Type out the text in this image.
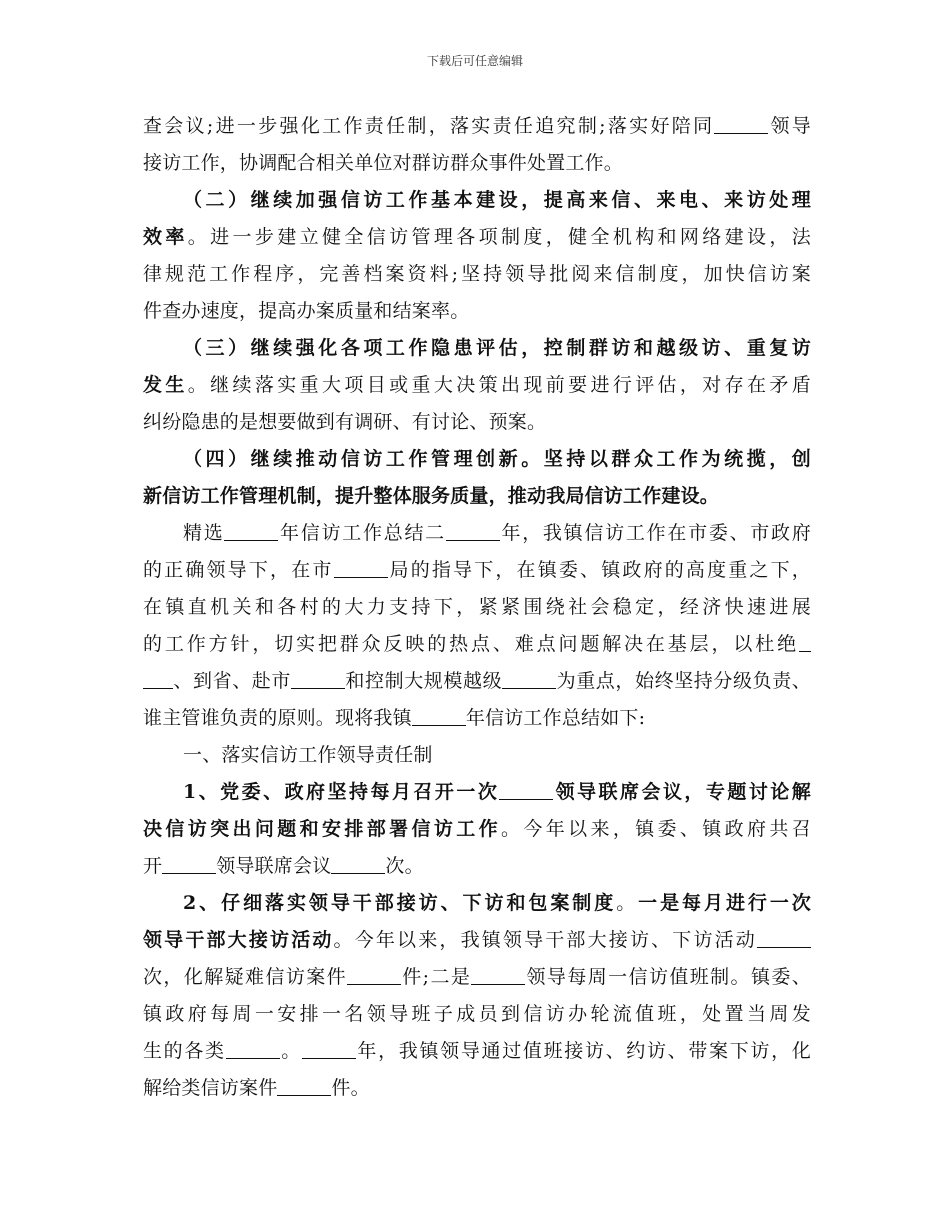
下载后可任意编辑
查会议;进一步强化工作责任制，落实责任追究制;落实好陪同	领导
接访工作，协调配合相关单位对群访群众事件处置工作。
（二）继续加强信访工作基本建设，提高来信、来电、来访处理
效率。进一步建立健全信访管理各项制度，健全机构和网络建设，法
律规范工作程序，完善档案资料;坚持领导批阅来信制度，加快信访案
件查办速度，提高办案质量和结案率。
（三）继续强化各项工作隐患评估，控制群访和越级访、重复访
发生。继续落实重大项目或重大决策出现前要进行评估，对存在矛盾
纠纷隐患的是想要做到有调研、有讨论、预案。
（四）继续推动信访工作管理创新。坚持以群众工作为统揽，创
新信访工作管理机制，提升整体服务质量，推动我局信访工作建设。
精选	年信访工作总结二	年，我镇信访工作在市委、市政府
的正确领导下，在市	局的指导下，在镇委、镇政府的高度重之下，
在镇直机关和各村的大力支持下，紧紧围绕社会稳定，经济快速进展
的工作方针，切实把群众反映的热点、难点问题解决在基层，以杜绝
、到省、赴市	和控制大规模越级	为重点，始终坚持分级负责、
谁主管谁负责的原则。现将我镇	年信访工作总结如下:
一、落实信访工作领导责任制
1、党委、政府坚持每月召开一次	领导联席会议，专题讨论解
决信访突出问题和安排部署信访工作。今年以来，镇委、镇政府共召
开	领导联席会议	次。
2、仔细落实领导干部接访、下访和包案制度。一是每月进行一次
领导干部大接访活动。今年以来，我镇领导干部大接访、下访活动
次，化解疑难信访案件	件;二是	领导每周一信访值班制。镇委、
镇政府每周一安排一名领导班子成员到信访办轮流值班，处置当周发
生的各类	。	年，我镇领导通过值班接访、约访、带案下访，化
解给类信访案件	件。
